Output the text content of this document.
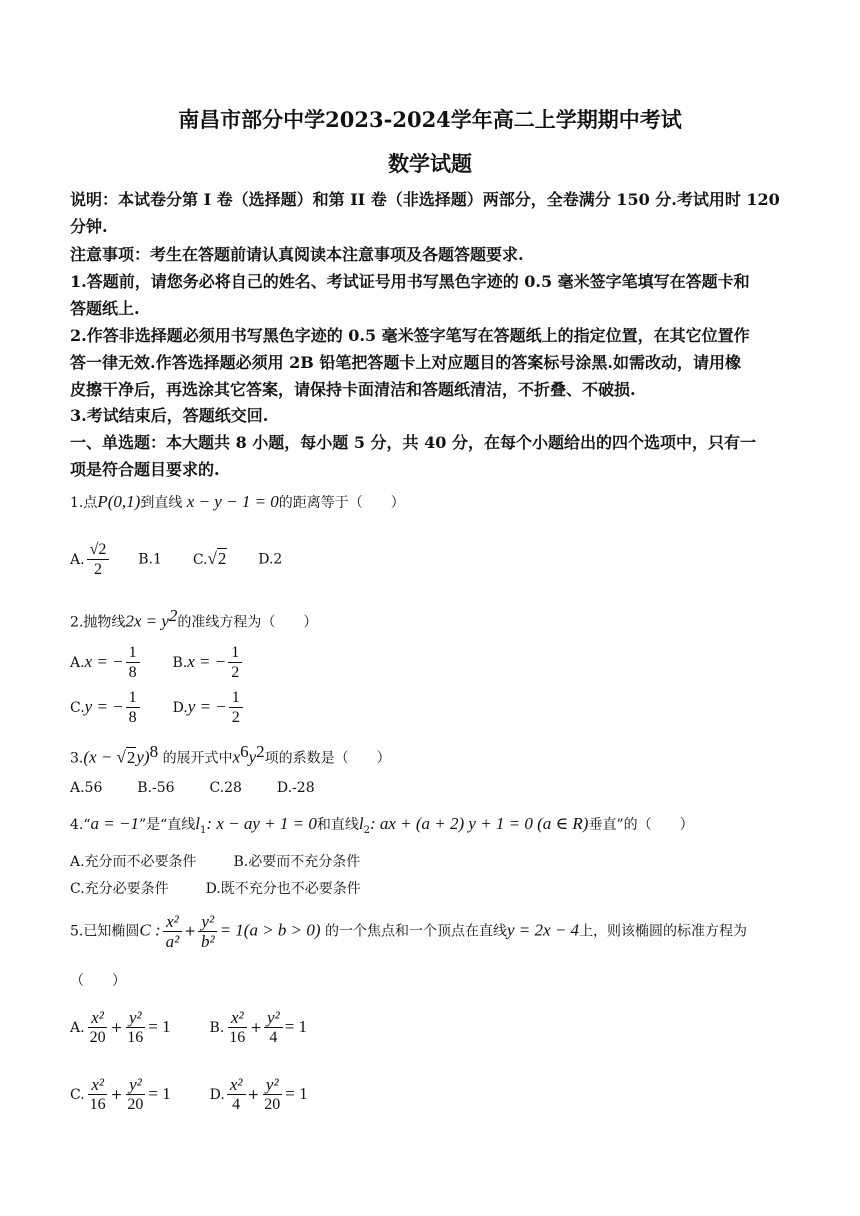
南昌市部分中学2023-2024学年高二上学期期中考试
数学试题
说明：本试卷分第 I 卷（选择题）和第 II 卷（非选择题）两部分，全卷满分 150 分.考试用时 120
分钟.
注意事项：考生在答题前请认真阅读本注意事项及各题答题要求.
1.答题前，请您务必将自己的姓名、考试证号用书写黑色字迹的 0.5 毫米签字笔填写在答题卡和
答题纸上.
2.作答非选择题必须用书写黑色字迹的 0.5 毫米签字笔写在答题纸上的指定位置，在其它位置作
答一律无效.作答选择题必须用 2B 铅笔把答题卡上对应题目的答案标号涂黑.如需改动，请用橡
皮擦干净后，再选涂其它答案，请保持卡面清洁和答题纸清洁，不折叠、不破损.
3.考试结束后，答题纸交回.
一、单选题：本大题共 8 小题，每小题 5 分，共 40 分，在每个小题给出的四个选项中，只有一
项是符合题目要求的.
1.点P(0,1)到直线 x − y − 1 = 0的距离等于（　　）
A. $\frac{√2}{2} B.1$ C.√2 D.2
2.抛物线$2x = y^2$的准线方程为（　　）
A.x = − $\frac{1}{8} B.x$ = − $\frac{1}{2}$
C.y = − $\frac{1}{8} D.y$ = − $\frac{1}{2}$
$3.(x - √2y)^8$ 的展开式中$x^6y^2$项的系数是（　　）
A.56 B.-56 C.28 D.-28
4.“a = −1”是“直线$l_1$: x − ay + 1 = 0和直线$l_2$: ax + (a + 2) y + 1 = 0 (a ∈ R)垂直”的（　　）
A.充分而不必要条件	B.必要而不充分条件
C.充分必要条件	D.既不充分也不必要条件
5.已知椭圆C : $\frac{\text{x²}}{\text{a²}} + \frac{\text{y²}}{\text{b²}} = 1(a > b > 0)$ 的一个焦点和一个顶点在直线y = 2x − 4上，则该椭圆的标准方程为
（　　）
A. $\frac{\text{x²}}{20} + \frac{\text{y²}}{16} = 1$	B. $\frac{\text{x²}}{16} + \frac{\text{y²}}{4} = 1$
C. $\frac{\text{x²}}{16} + \frac{\text{y²}}{20} = 1$	D. $\frac{\text{x²}}{4} + \frac{\text{y²}}{20} = 1$
